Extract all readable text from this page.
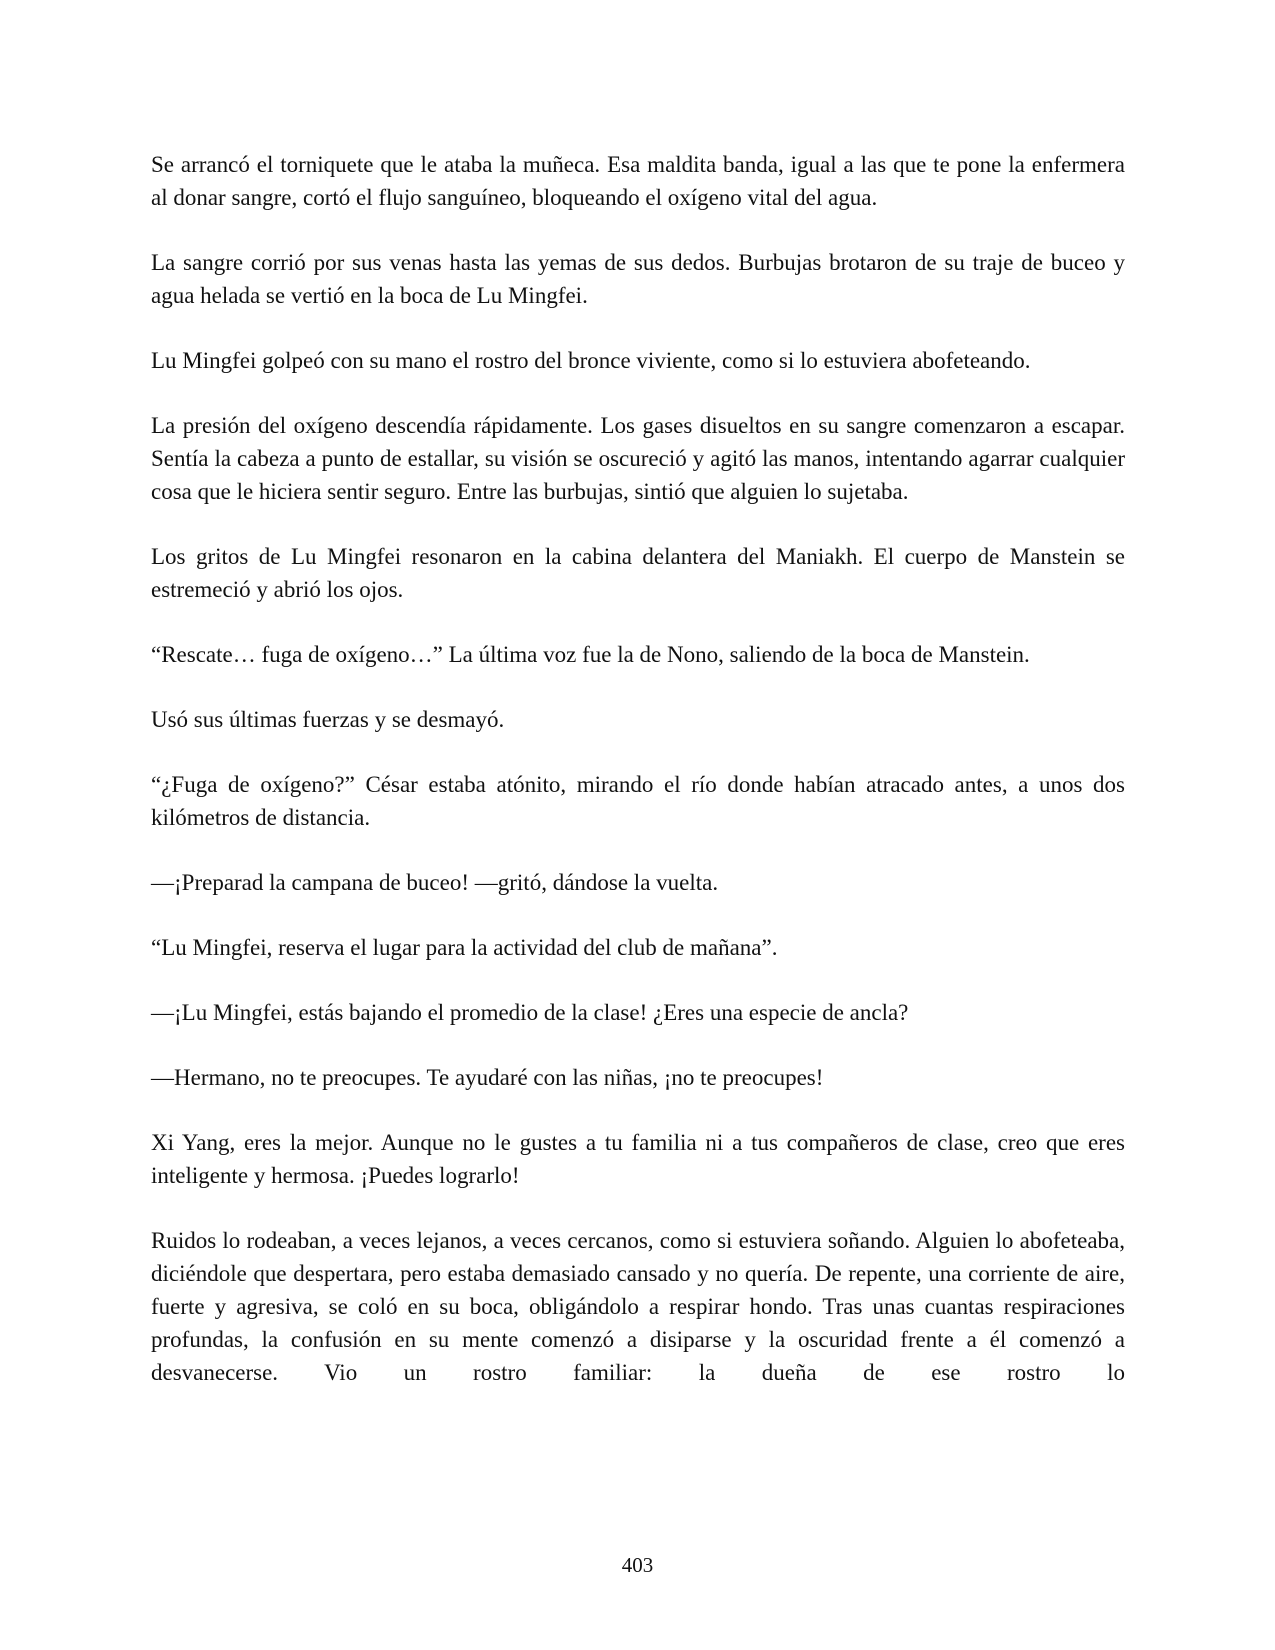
Se arrancó el torniquete que le ataba la muñeca. Esa maldita banda, igual a las que te pone la enfermera al donar sangre, cortó el flujo sanguíneo, bloqueando el oxígeno vital del agua.

La sangre corrió por sus venas hasta las yemas de sus dedos. Burbujas brotaron de su traje de buceo y agua helada se vertió en la boca de Lu Mingfei.

Lu Mingfei golpeó con su mano el rostro del bronce viviente, como si lo estuviera abofeteando.

La presión del oxígeno descendía rápidamente. Los gases disueltos en su sangre comenzaron a escapar. Sentía la cabeza a punto de estallar, su visión se oscureció y agitó las manos, intentando agarrar cualquier cosa que le hiciera sentir seguro. Entre las burbujas, sintió que alguien lo sujetaba.

Los gritos de Lu Mingfei resonaron en la cabina delantera del Maniakh. El cuerpo de Manstein se estremeció y abrió los ojos.

“Rescate… fuga de oxígeno…” La última voz fue la de Nono, saliendo de la boca de Manstein.

Usó sus últimas fuerzas y se desmayó.

“¿Fuga de oxígeno?” César estaba atónito, mirando el río donde habían atracado antes, a unos dos kilómetros de distancia.

—¡Preparad la campana de buceo! —gritó, dándose la vuelta.

“Lu Mingfei, reserva el lugar para la actividad del club de mañana”.

—¡Lu Mingfei, estás bajando el promedio de la clase! ¿Eres una especie de ancla?

—Hermano, no te preocupes. Te ayudaré con las niñas, ¡no te preocupes!

Xi Yang, eres la mejor. Aunque no le gustes a tu familia ni a tus compañeros de clase, creo que eres inteligente y hermosa. ¡Puedes lograrlo!

Ruidos lo rodeaban, a veces lejanos, a veces cercanos, como si estuviera soñando. Alguien lo abofeteaba, diciéndole que despertara, pero estaba demasiado cansado y no quería. De repente, una corriente de aire, fuerte y agresiva, se coló en su boca, obligándolo a respirar hondo. Tras unas cuantas respiraciones profundas, la confusión en su mente comenzó a disiparse y la oscuridad frente a él comenzó a desvanecerse. Vio un rostro familiar: la dueña de ese rostro lo

403
